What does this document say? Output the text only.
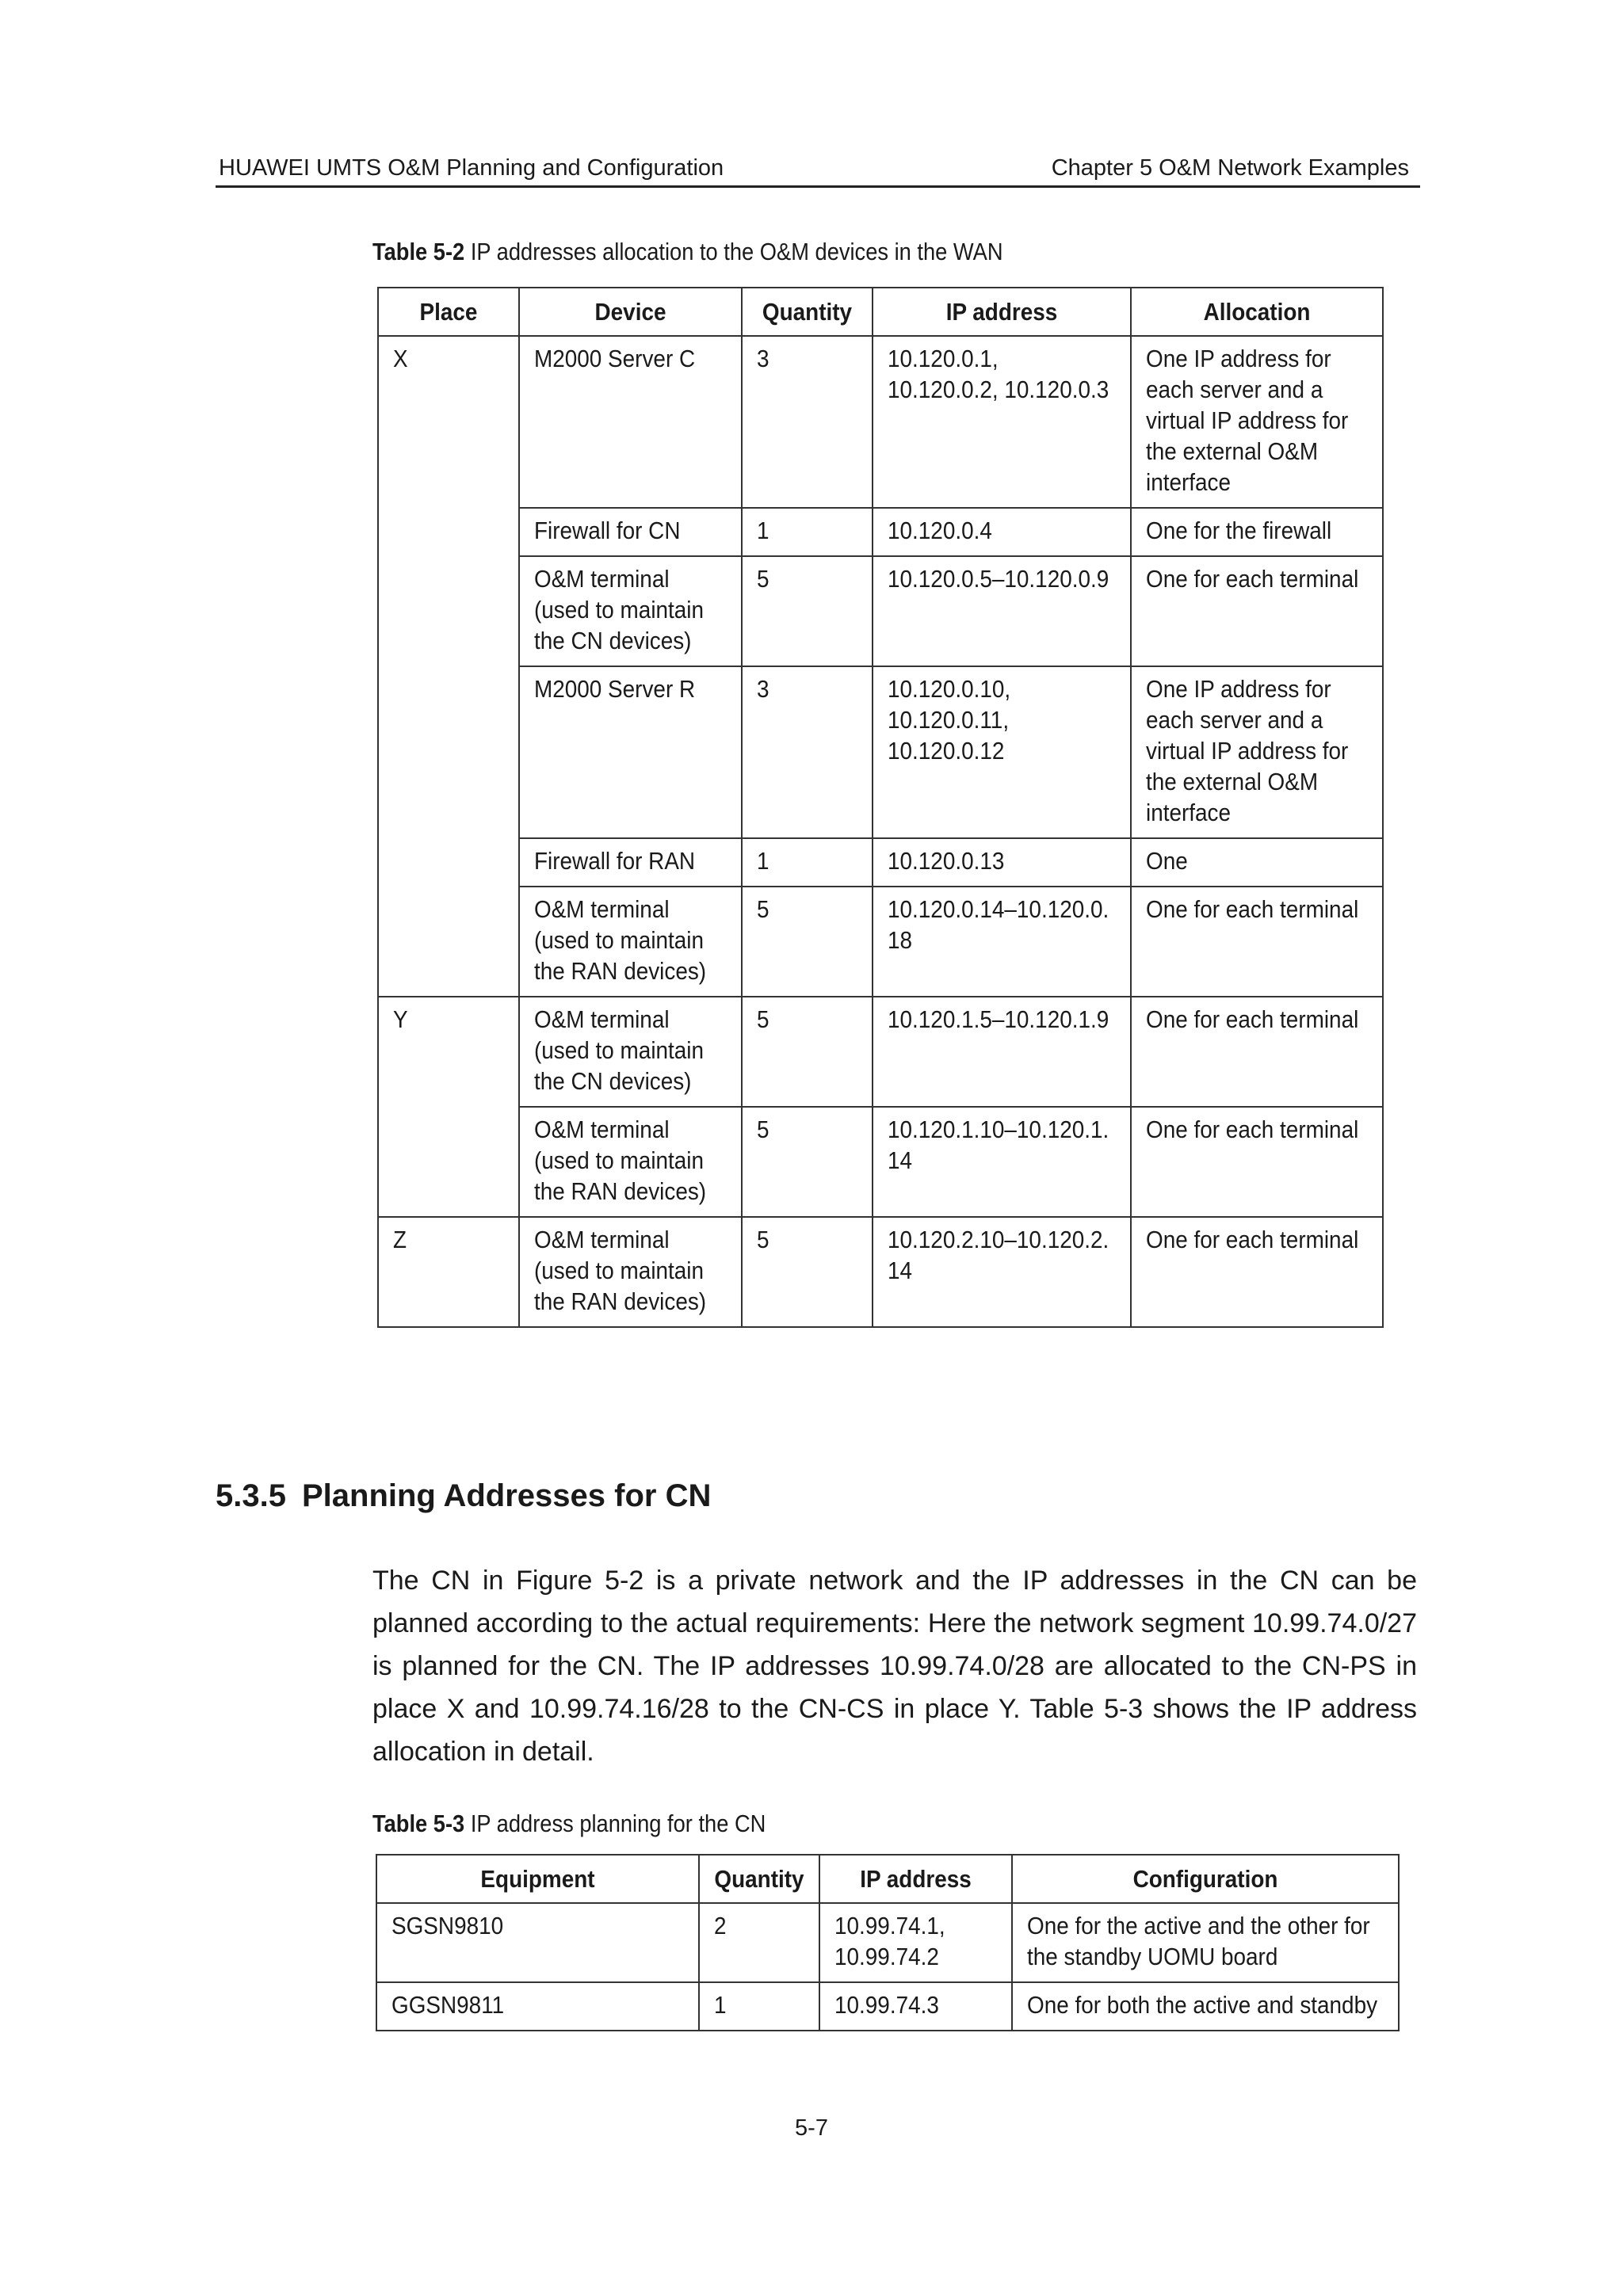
HUAWEI UMTS O&M Planning and Configuration	Chapter 5 O&M Network Examples
Table 5-2 IP addresses allocation to the O&M devices in the WAN
Place	Device	Quantity	IP address	Allocation

X	M2000 Server C	3	10.120.0.1,
10.120.0.2, 10.120.0.3	One IP address for
each server and a
virtual IP address for
the external O&M
interface

	Firewall for CN	1	10.120.0.4	One for the firewall

	O&M terminal
(used to maintain
the CN devices)	5	10.120.0.5–10.120.0.9	One for each terminal

	M2000 Server R	3	10.120.0.10,
10.120.0.11,
10.120.0.12	One IP address for
each server and a
virtual IP address for
the external O&M
interface

	Firewall for RAN	1	10.120.0.13	One

	O&M terminal
(used to maintain
the RAN devices)	5	10.120.0.14–10.120.0.
18	One for each terminal

Y	O&M terminal
(used to maintain
the CN devices)	5	10.120.1.5–10.120.1.9	One for each terminal

	O&M terminal
(used to maintain
the RAN devices)	5	10.120.1.10–10.120.1.
14	One for each terminal

Z	O&M terminal
(used to maintain
the RAN devices)	5	10.120.2.10–10.120.2.
14	One for each terminal
5.3.5 Planning Addresses for CN
The CN in Figure 5-2 is a private network and the IP addresses in the CN can be planned according to the actual requirements: Here the network segment 10.99.74.0/27 is planned for the CN. The IP addresses 10.99.74.0/28 are allocated to the CN-PS in place X and 10.99.74.16/28 to the CN-CS in place Y. Table 5-3 shows the IP address allocation in detail.
Table 5-3 IP address planning for the CN
Equipment	Quantity	IP address	Configuration

SGSN9810	2	10.99.74.1,
10.99.74.2	One for the active and the other for
the standby UOMU board

GGSN9811	1	10.99.74.3	One for both the active and standby
5-7
